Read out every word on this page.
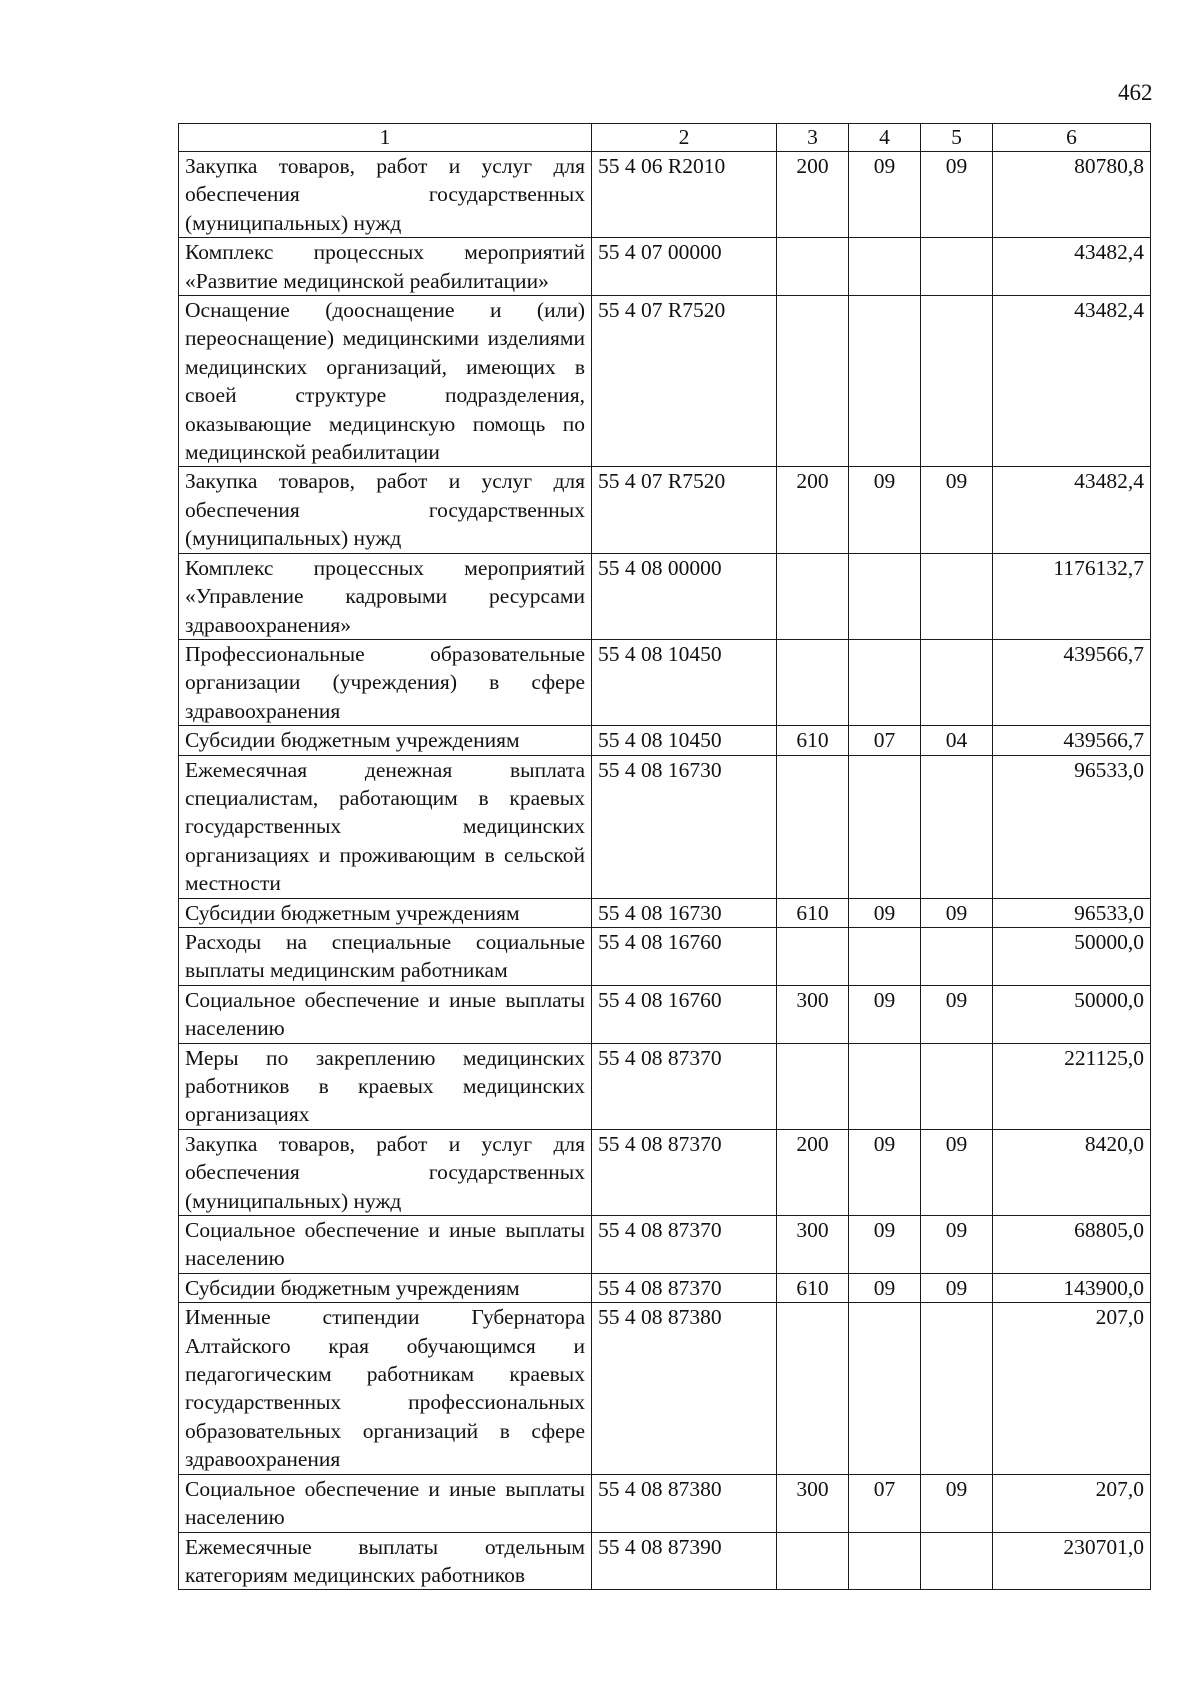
462
1	2	3	4	5	6
Закупка товаров, работ и услуг для обеспечения государственных (муниципальных) нужд	55 4 06 R2010	200	09	09	80780,8
Комплекс процессных мероприятий «Развитие медицинской реабилитации»	55 4 07 00000				43482,4
Оснащение (дооснащение и (или) переоснащение) медицинскими изделиями медицинских организаций, имеющих в своей структуре подразделения, оказывающие медицинскую помощь по медицинской реабилитации	55 4 07 R7520				43482,4
Закупка товаров, работ и услуг для обеспечения государственных (муниципальных) нужд	55 4 07 R7520	200	09	09	43482,4
Комплекс процессных мероприятий «Управление кадровыми ресурсами здравоохранения»	55 4 08 00000				1176132,7
Профессиональные образовательные организации (учреждения) в сфере здравоохранения	55 4 08 10450				439566,7
Субсидии бюджетным учреждениям	55 4 08 10450	610	07	04	439566,7
Ежемесячная денежная выплата специалистам, работающим в краевых государственных медицинских организациях и проживающим в сельской местности	55 4 08 16730				96533,0
Субсидии бюджетным учреждениям	55 4 08 16730	610	09	09	96533,0
Расходы на специальные социальные выплаты медицинским работникам	55 4 08 16760				50000,0
Социальное обеспечение и иные выплаты населению	55 4 08 16760	300	09	09	50000,0
Меры по закреплению медицинских работников в краевых медицинских организациях	55 4 08 87370				221125,0
Закупка товаров, работ и услуг для обеспечения государственных (муниципальных) нужд	55 4 08 87370	200	09	09	8420,0
Социальное обеспечение и иные выплаты населению	55 4 08 87370	300	09	09	68805,0
Субсидии бюджетным учреждениям	55 4 08 87370	610	09	09	143900,0
Именные стипендии Губернатора Алтайского края обучающимся и педагогическим работникам краевых государственных профессиональных образовательных организаций в сфере здравоохранения	55 4 08 87380				207,0
Социальное обеспечение и иные выплаты населению	55 4 08 87380	300	07	09	207,0
Ежемесячные выплаты отдельным категориям медицинских работников	55 4 08 87390				230701,0
